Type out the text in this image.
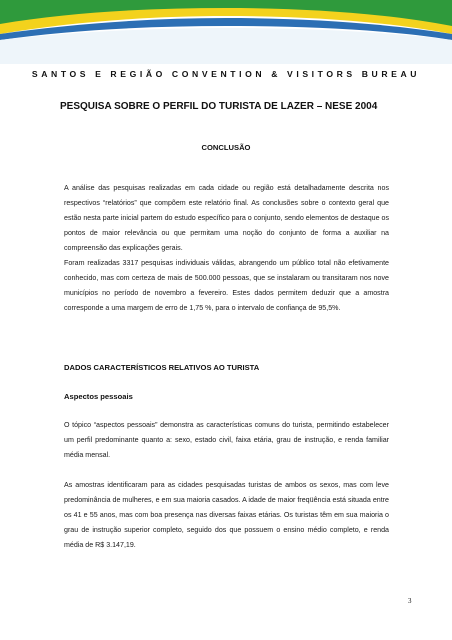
SANTOS E REGIÃO CONVENTION & VISITORS BUREAU
PESQUISA SOBRE O PERFIL DO TURISTA DE LAZER – NESE 2004
CONCLUSÃO

A análise das pesquisas realizadas em cada cidade ou região está detalhadamente descrita nos respectivos “relatórios” que compõem este relatório final. As conclusões sobre o contexto geral que estão nesta parte inicial partem do estudo específico para o conjunto, sendo elementos de destaque os pontos de maior relevância ou que permitam uma noção do conjunto de forma a auxiliar na compreensão das explicações gerais.

Foram realizadas 3317 pesquisas individuais válidas, abrangendo um público total não efetivamente conhecido, mas com certeza de mais de 500.000 pessoas, que se instalaram ou transitaram nos nove municípios no período de novembro a fevereiro. Estes dados permitem deduzir que a amostra corresponde a uma margem de erro de 1,75 %, para o intervalo de confiança de 95,5%.

DADOS CARACTERÍSTICOS RELATIVOS AO TURISTA
Aspectos pessoais

O tópico “aspectos pessoais” demonstra as características comuns do turista, permitindo estabelecer um perfil predominante quanto a: sexo, estado civil, faixa etária, grau de instrução, e renda familiar média mensal.

As amostras identificaram para as cidades pesquisadas turistas de ambos os sexos, mas com leve predominância de mulheres, e em sua maioria casados. A idade de maior freqüência está situada entre os 41 e 55 anos, mas com boa presença nas diversas faixas etárias. Os turistas têm em sua maioria o grau de instrução superior completo, seguido dos que possuem o ensino médio completo, e renda média de R$ 3.147,19.

3
